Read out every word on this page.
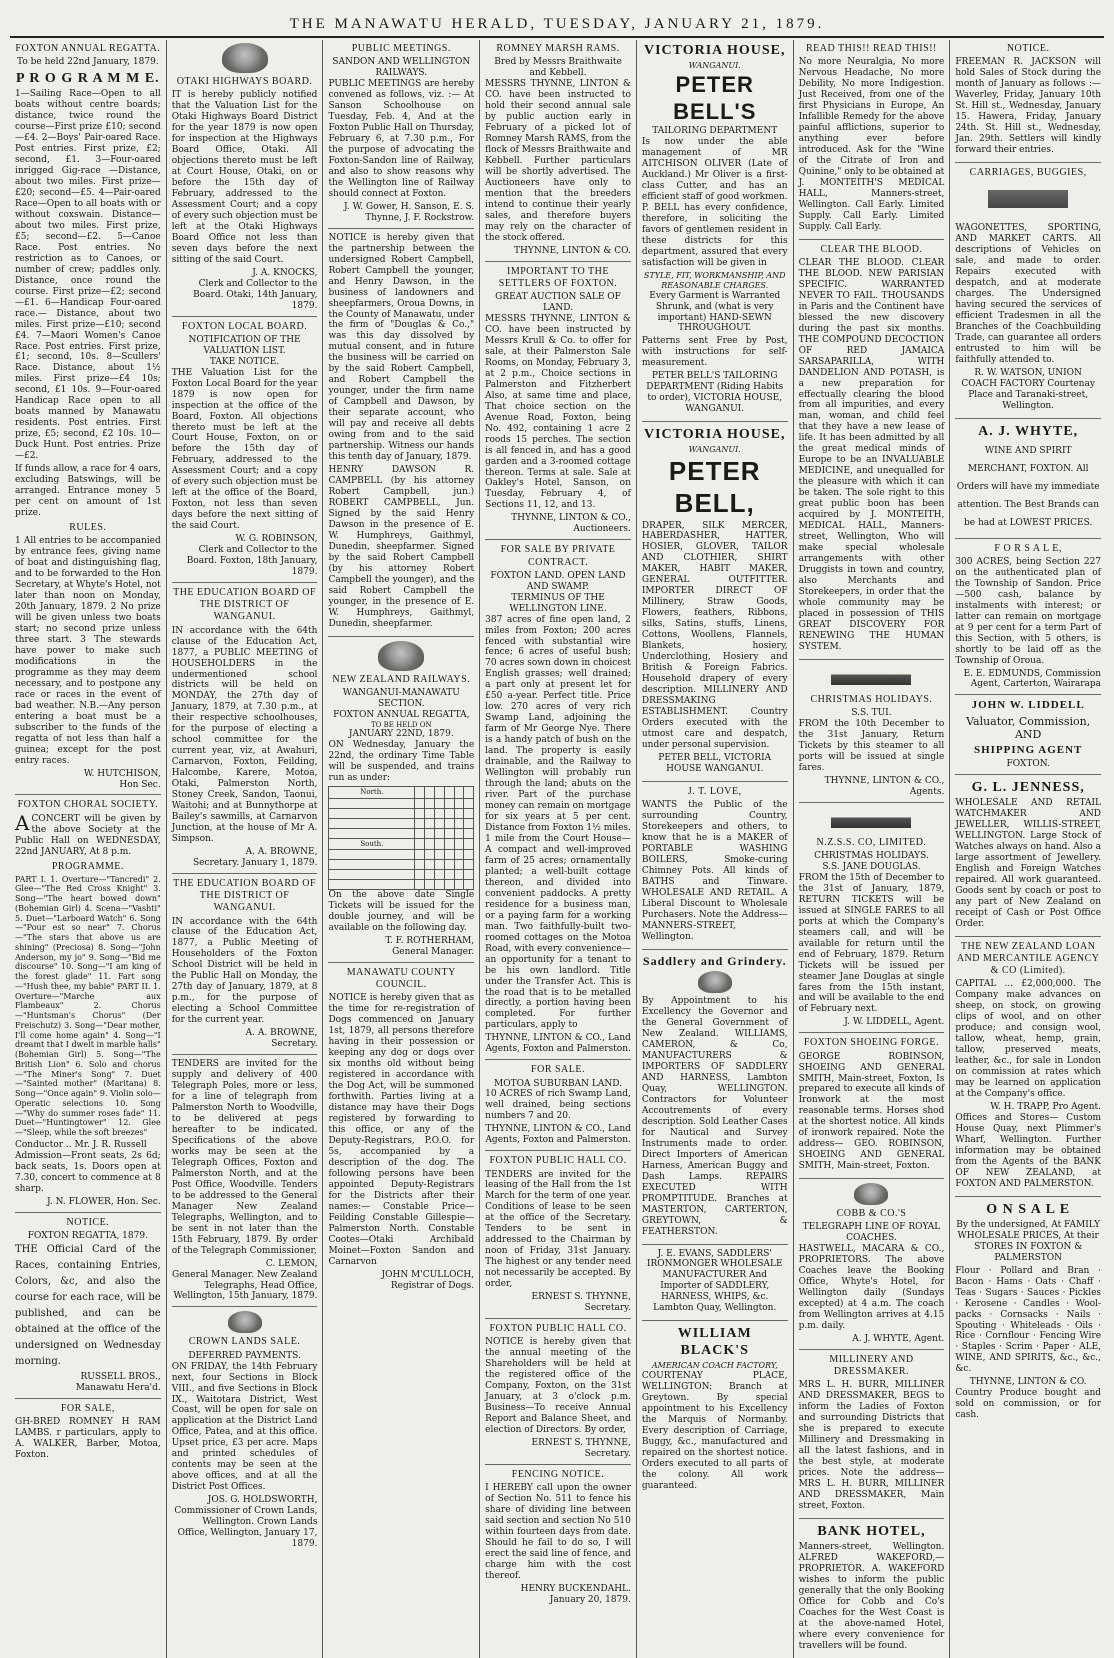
THE MANAWATU HERALD, TUESDAY, JANUARY 21, 1879.
FOXTON ANNUAL REGATTA.
To be held 22nd January, 1879.
P R O G R A M M E.

1—Sailing Race—Open to all boats without centre boards; distance, twice round the course—First prize £10; second—£4. 2—Boys' Pair-oared Race. Post entries. First prize, £2; second, £1. 3—Four-oared inrigged Gig-race —Distance, about two miles. First prize—£20; second—£5. 4—Pair-oared Race—Open to all boats with or without coxswain. Distance—about two miles. First prize, £5; second—£2. 5—Canoe Race. Post entries. No restriction as to Canoes, or number of crew; paddles only. Distance, once round the course. First prize—£2; second—£1. 6—Handicap Four-oared race.— Distance, about two miles. First prize—£10; second £4. 7—Maori Women's Canoe Race. Post entries. First prize, £1; second, 10s. 8—Scullers' Race. Distance, about 1½ miles. First prize—£4 10s; second, £1 10s. 9—Four-oared Handicap Race open to all boats manned by Manawatu residents. Post entries. First prize, £5; second, £2 10s. 10—Duck Hunt. Post entries. Prize—£2.

If funds allow, a race for 4 oars, excluding Batswings, will be arranged. Entrance money 5 per cent on amount of 1st prize.

RULES.

1 All entries to be accompanied by entrance fees, giving name of boat and distinguishing flag, and to be forwarded to the Hon Secretary, at Whyte's Hotel, not later than noon on Monday, 20th January, 1879. 2 No prize will be given unless two boats start; no second prize unless three start. 3 The stewards have power to make such modifications in the programme as they may deem necessary, and to postpone any race or races in the event of bad weather. N.B.—Any person entering a boat must be a subscriber to the funds of the regatta of not less than half a guinea; except for the post entry races.

W. HUTCHISON,
Hon Sec.
FOXTON CHORAL SOCIETY.

ACONCERT will be given by the above Society at the Public Hall on WEDNESDAY, 22nd JANUARY, At 8 p.m.

PROGRAMME.

PART I. 1. Overture—"Tancredi" 2. Glee—"The Red Cross Knight" 3. Song—"The heart bowed down" (Bohemian Girl) 4. Scena—"Vashti" 5. Duet—"Larboard Watch" 6. Song—"Pour est so near" 7. Chorus—"The stars that above us are shining" (Preciosa) 8. Song—"John Anderson, my jo" 9. Song—"Bid me discourse" 10. Song—"I am king of the forest glade" 11. Fart song—"Hush thee, my babie" PART II. 1. Overture—"Marche aux Flambeaux" 2. Chorus—"Huntsman's Chorus" (Der Freischutz) 3. Song—"Dear mother, I'll come home again" 4. Song—"I dreamt that I dwelt in marble halls" (Bohemian Girl) 5. Song—"The British Lion" 6. Solo and chorus—"The Miner's Song" 7. Duet—"Sainted mother" (Maritana) 8. Song—"Once again" 9. Violin solo—Operatic selections 10. Song—"Why do summer roses fade" 11. Duet—"Huntingtower" 12. Glee—"Sleep, while the soft breezes"

Conductor .. Mr. J. R. Russell

Admission—Front seats, 2s 6d; back seats, 1s. Doors open at 7.30, concert to commence at 8 sharp.

J. N. FLOWER, Hon. Sec.
NOTICE.
FOXTON REGATTA, 1879.

THE Official Card of the Races, containing Entries, Colors, &c, and also the course for each race, will be published, and can be obtained at the office of the undersigned on Wednesday morning.

RUSSELL BROS.,
Manawatu Hera'd.
FOR SALE,

GH-BRED ROMNEY H RAM LAMBS. r particulars, apply to A. WALKER, Barber, Motoa, Foxton.

OTAKI HIGHWAYS BOARD.

IT is hereby publicly notified that the Valuation List for the Otaki Highways Board District for the year 1879 is now open for inspection at the Highways Board Office, Otaki. All objections thereto must be left at Court House, Otaki, on or before the 15th day of February, addressed to the Assessment Court; and a copy of every such objection must be left at the Otaki Highways Board Office not less than seven days before the next sitting of the said Court.

J. A. KNOCKS,
Clerk and Collector to the Board. Otaki, 14th January, 1879.
FOXTON LOCAL BOARD.
NOTIFICATION OF THE VALUATION LIST.
TAKE NOTICE.

THE Valuation List for the Foxton Local Board for the year 1879 is now open for inspection at the office of the Board, Foxton. All objections thereto must be left at the Court House, Foxton, on or before the 15th day of February, addressed to the Assessment Court; and a copy of every such objection must be left at the office of the Board, Foxton, not less than seven days before the next sitting of the said Court.

W. G. ROBINSON,
Clerk and Collector to the Board. Foxton, 18th January, 1879.
THE EDUCATION BOARD OF THE DISTRICT OF WANGANUI.

IN accordance with the 64th clause of the Education Act, 1877, a PUBLIC MEETING of HOUSEHOLDERS in the undermentioned school districts will be held on MONDAY, the 27th day of January, 1879, at 7.30 p.m., at their respective schoolhouses, for the purpose of electing a school committee for the current year, viz, at Awahuri, Carnarvon, Foxton, Feilding, Halcombe, Karere, Motoa, Otaki, Palmerston North, Stoney Creek, Sandon, Taonui, Waitohi; and at Bunnythorpe at Bailey's sawmills, at Carnarvon Junction, at the house of Mr A. Simpson.

A. A. BROWNE,
Secretary. January 1, 1879.
THE EDUCATION BOARD OF THE DISTRICT OF WANGANUI.

IN accordance with the 64th clause of the Education Act, 1877, a Public Meeting of Householders of the Foxton School District will be held in the Public Hall on Monday, the 27th day of January, 1879, at 8 p.m., for the purpose of electing a School Committee for the current year.

A. A. BROWNE,
Secretary.

TENDERS are invited for the supply and delivery of 400 Telegraph Poles, more or less, for a line of telegraph from Palmerston North to Woodville, to be delivered at pegs hereafter to be indicated. Specifications of the above works may be seen at the Telegraph Offices, Foxton and Palmerston North, and at the Post Office, Woodville. Tenders to be addressed to the General Manager New Zealand Telegraphs, Wellington, and to be sent in not later than the 15th February, 1879. By order of the Telegraph Commissioner,

C. LEMON,
General Manager. New Zealand Telegraphs, Head Office, Wellington, 15th January, 1879.
CROWN LANDS SALE.
DEFERRED PAYMENTS.

ON FRIDAY, the 14th February next, four Sections in Block VIII., and five Sections in Block IX., Waitotara District, West Coast, will be open for sale on application at the District Land Office, Patea, and at this office. Upset price, £3 per acre. Maps and printed schedules of contents may be seen at the above offices, and at all the District Post Offices.

JOS. G. HOLDSWORTH,
Commissioner of Crown Lands, Wellington. Crown Lands Office, Wellington, January 17, 1879.
PUBLIC MEETINGS.
SANDON AND WELLINGTON RAILWAYS.

PUBLIC MEETINGS are hereby convened as follows, viz. :— At Sanson Schoolhouse on Tuesday, Feb. 4, And at the Foxton Public Hall on Thursday, February 6, at 7.30 p.m., For the purpose of advocating the Foxton-Sandon line of Railway, and also to show reasons why the Wellington line of Railway should connect at Foxton.

J. W. Gower, H. Sanson, E. S. Thynne, J. F. Rockstrow.

NOTICE is hereby given that the partnership between the undersigned Robert Campbell, Robert Campbell the younger, and Henry Dawson, in the business of landowners and sheepfarmers, Oroua Downs, in the County of Manawatu, under the firm of "Douglas & Co.," was this day dissolved by mutual consent, and in future the business will be carried on by the said Robert Campbell, and Robert Campbell the younger, under the firm name of Campbell and Dawson, by their separate account, who will pay and receive all debts owing from and to the said partnership. Witness our hands this tenth day of January, 1879.

HENRY DAWSON R. CAMPBELL (by his attorney Robert Campbell, jun.) ROBERT CAMPBELL, Jun. Signed by the said Henry Dawson in the presence of E. W. Humphreys, Gaithmyl, Dunedin, sheepfarmer. Signed by the said Robert Campbell (by his attorney Robert Campbell the younger), and the said Robert Campbell the younger, in the presence of E. W. Humphreys, Gaithmyl, Dunedin, sheepfarmer.

NEW ZEALAND RAILWAYS.
WANGANUI-MANAWATU SECTION.
FOXTON ANNUAL REGATTA,
TO BE HELD ON
JANUARY 22ND, 1879.

ON Wednesday, January the 22nd, the ordinary Time Table will be suspended, and trains run as under:

North.						

South.						

On the above date Single Tickets will be issued for the double journey, and will be available on the following day.

T. F. ROTHERHAM,
General Manager.
MANAWATU COUNTY COUNCIL.

NOTICE is hereby given that as the time for re-registration of Dogs commenced on January 1st, 1879, all persons therefore having in their possession or keeping any dog or dogs over six months old without being registered in accordance with the Dog Act, will be summoned forthwith. Parties living at a distance may have their Dogs registered by forwarding to this office, or any of the Deputy-Registrars, P.O.O. for 5s, accompanied by a description of the dog. The following persons have been appointed Deputy-Registrars for the Districts after their names:— Constable Price—Feilding Constable Gillespie—Palmerston North. Constable Cootes—Otaki Archibald Moinet—Foxton Sandon and Carnarvon

JOHN M'CULLOCH,
Registrar of Dogs.
ROMNEY MARSH RAMS.
Bred by Messrs Braithwaite and Kebbell.

MESSRS THYNNE, LINTON & CO. have been instructed to hold their second annual sale by public auction early in February of a picked lot of Romney Marsh RAMS, from the flock of Messrs Braithwaite and Kebbell. Further particulars will be shortly advertised. The Auctioneers have only to mention that the breeders intend to continue their yearly sales, and therefore buyers may rely on the character of the stock offered.

THYNNE, LINTON & CO.
IMPORTANT TO THE SETTLERS OF FOXTON.
GREAT AUCTION SALE OF LAND.

MESSRS THYNNE, LINTON & CO. have been instructed by Messrs Krull & Co. to offer for sale, at their Palmerston Sale Rooms, on Monday, February 3, at 2 p.m., Choice sections in Palmerston and Fitzherbert Also, at same time and place, That choice section on the Avenue Road, Foxton, being No. 492, containing 1 acre 2 roods 15 perches. The section is all fenced in, and has a good garden and a 3-roomed cottage thereon. Terms at sale. Sale at Oakley's Hotel, Sanson, on Tuesday, February 4, of Sections 11, 12, and 13.

THYNNE, LINTON & CO., Auctioneers.
FOR SALE BY PRIVATE CONTRACT.
FOXTON LAND. OPEN LAND AND SWAMP.
TERMINUS OF THE WELLINGTON LINE.

387 acres of fine open land, 2 miles from Foxton; 200 acres fenced with substantial wire fence; 6 acres of useful bush; 70 acres sown down in choicest English grasses; well drained; a part only at present let for £50 a-year. Perfect title. Price low. 270 acres of very rich Swamp Land, adjoining the farm of Mr George Nye. There is a handy patch of bush on the land. The property is easily drainable, and the Railway to Wellington will probably run through the land; abuts on the river. Part of the purchase money can remain on mortgage for six years at 5 per cent. Distance from Foxton 1½ miles. 1 mile from the Court House—A compact and well-improved farm of 25 acres; ornamentally planted; a well-built cottage thereon, and divided into convenient paddocks. A pretty residence for a business man, or a paying farm for a working man. Two faithfully-built two-roomed cottages on the Motoa Road, with every convenience—an opportunity for a tenant to be his own landlord. Title under the Transfer Act. This is the road that is to be metalled directly, a portion having been completed. For further particulars, apply to

THYNNE, LINTON & CO., Land Agents, Foxton and Palmerston.
FOR SALE.
MOTOA SUBURBAN LAND.

10 ACRES of rich Swamp Land, well drained, being sections numbers 7 and 20.

THYNNE, LINTON & CO., Land Agents, Foxton and Palmerston.
FOXTON PUBLIC HALL CO.

TENDERS are invited for the leasing of the Hall from the 1st March for the term of one year. Conditions of lease to be seen at the office of the Secretary. Tenders to be sent in addressed to the Chairman by noon of Friday, 31st January. The highest or any tender need not necessarily be accepted. By order,

ERNEST S. THYNNE, Secretary.
FOXTON PUBLIC HALL CO.

NOTICE is hereby given that the annual meeting of the Shareholders will be held at the registered office of the Company, Foxton, on the 31st January, at 3 o'clock p.m. Business—To receive Annual Report and Balance Sheet, and election of Directors. By order,

ERNEST S. THYNNE, Secretary.
FENCING NOTICE.

I HEREBY call upon the owner of Section No. 511 to fence his share of dividing line between said section and section No 510 within fourteen days from date. Should he fail to do so, I will erect the said line of fence, and charge him with the cost thereof.

HENRY BUCKENDAHL. January 20, 1879.
VICTORIA HOUSE,
WANGANUI.
PETER BELL'S
TAILORING DEPARTMENT

Is now under the able management of MR AITCHISON OLIVER (Late of Auckland.) Mr Oliver is a first-class Cutter, and has an efficient staff of good workmen. P. BELL has every confidence, therefore, in soliciting the favors of gentlemen resident in these districts for this department, assured that every satisfaction will be given in

STYLE, FIT, WORKMANSHIP, AND REASONABLE CHARGES.

Every Garment is Warranted Shrunk, and (what is very important) HAND-SEWN THROUGHOUT.

Patterns sent Free by Post, with instructions for self-measurement.

PETER BELL'S TAILORING DEPARTMENT (Riding Habits to order), VICTORIA HOUSE, WANGANUI.

VICTORIA HOUSE,
WANGANUI.
PETER BELL,

DRAPER, SILK MERCER, HABERDASHER, HATTER, HOSIER, GLOVER, TAILOR AND CLOTHIER, SHIRT MAKER, HABIT MAKER, GENERAL OUTFITTER. IMPORTER DIRECT OF Millinery, Straw Goods, Flowers, feathers, Ribbons, silks, Satins, stuffs, Linens, Cottons, Woollens, Flannels, Blankets, hosiery, Underclothing, Hosiery and British & Foreign Fabrics. Household drapery of every description. MILLINERY AND DRESSMAKING ESTABLISHMENT. Country Orders executed with the utmost care and despatch, under personal supervision.

PETER BELL, VICTORIA HOUSE WANGANUI.

J. T. LOVE,

WANTS the Public of the surrounding Country, Storekeepers and others, to know that he is a MAKER of PORTABLE WASHING BOILERS, Smoke-curing Chimney Pots. All kinds of BATHS and Tinware. WHOLESALE AND RETAIL. A Liberal Discount to Wholesale Purchasers. Note the Address— MANNERS-STREET, Wellington.

Saddlery and Grindery.

By Appointment to his Excellency the Governor and the General Government of New Zealand. WILLIAMS, CAMERON, & Co, MANUFACTURERS & IMPORTERS OF SADDLERY AND HARNESS, Lambton Quay, WELLINGTON. Contractors for Volunteer Accoutrements of every description. Sold Leather Cases for Nautical and Survey Instruments made to order. Direct Importers of American Harness, American Buggy and Dash Lamps. REPAIRS EXECUTED WITH PROMPTITUDE. Branches at MASTERTON, CARTERTON, GREYTOWN, & FEATHERSTON.

J. E. EVANS, SADDLERS' IRONMONGER WHOLESALE MANUFACTURER And Importer of SADDLERY, HARNESS, WHIPS, &c. Lambton Quay, Wellington.

WILLIAM BLACK'S
AMERICAN COACH FACTORY,

COURTENAY PLACE, WELLINGTON; Branch at Greytown. By special appointment to his Excellency the Marquis of Normanby. Every description of Carriage, Buggy, &c., manufactured and repaired on the shortest notice. Orders executed to all parts of the colony. All work guaranteed.

READ THIS!! READ THIS!!

No more Neuralgia, No more Nervous Headache, No more Debility, No more Indigestion. Just Received, from one of the first Physicians in Europe, An Infallible Remedy for the above painful afflictions, superior to anything ever before introduced. Ask for the "Wine of the Citrate of Iron and Quinine," only to be obtained at J. MONTEITH'S MEDICAL HALL, Manners-street, Wellington. Call Early. Limited Supply. Call Early. Limited Supply. Call Early.

CLEAR THE BLOOD.

CLEAR THE BLOOD. CLEAR THE BLOOD. NEW PARISIAN SPECIFIC. WARRANTED NEVER TO FAIL. THOUSANDS in Paris and the Continent have blessed the new discovery during the past six months. THE COMPOUND DECOCTION OF RED JAMAICA SARSAPARILLA, WITH DANDELION AND POTASH, is a new preparation for effectually clearing the blood from all impurities, and every man, woman, and child feel that they have a new lease of life. It has been admitted by all the great medical minds of Europe to be an INVALUABLE MEDICINE, and unequalled for the pleasure with which it can be taken. The sole right to this great public boon has been acquired by J. MONTEITH, MEDICAL HALL, Manners-street, Wellington, Who will make special wholesale arrangements with other Druggists in town and country, also Merchants and Storekeepers, in order that the whole community may be placed in possession of THIS GREAT DISCOVERY FOR RENEWING THE HUMAN SYSTEM.

CHRISTMAS HOLIDAYS.
S.S. TUI.

FROM the 10th December to the 31st January, Return Tickets by this steamer to all ports will be issued at single fares.

THYNNE, LINTON & CO., Agents.
N.Z.S.S. CO, LIMITED.
CHRISTMAS HOLIDAYS.
S.S. JANE DOUGLAS.

FROM the 15th of December to the 31st of January, 1879, RETURN TICKETS will be issued at SINGLE FARES to all ports at which the Company's steamers call, and will be available for return until the end of February, 1879. Return Tickets will be issued per steamer Jane Douglas at single fares from the 15th instant, and will be available to the end of February next.

J. W. LIDDELL, Agent.
FOXTON SHOEING FORGE.

GEORGE ROBINSON, SHOEING AND GENERAL SMITH, Main-street, Foxton, Is prepared to execute all kinds of Ironwork at the most reasonable terms. Horses shod at the shortest notice. All kinds of ironwork repaired. Note the address— GEO. ROBINSON, SHOEING AND GENERAL SMITH, Main-street, Foxton.

COBB & CO.'S
TELEGRAPH LINE OF ROYAL COACHES.

HASTWELL, MACARA & CO., PROPRIETORS. The above Coaches leave the Booking Office, Whyte's Hotel, for Wellington daily (Sundays excepted) at 4 a.m. The coach from Wellington arrives at 4.15 p.m. daily.

A. J. WHYTE, Agent.
MILLINERY AND DRESSMAKER.

MRS L. H. BURR, MILLINER AND DRESSMAKER, BEGS to inform the Ladies of Foxton and surrounding Districts that she is prepared to execute Millinery and Dressmaking in all the latest fashions, and in the best style, at moderate prices. Note the address— MRS L. H. BURR, MILLINER AND DRESSMAKER, Main street, Foxton.

BANK HOTEL,

Manners-street, Wellington. ALFRED WAKEFORD,—PROPRIETOR. A. WAKEFORD wishes to inform the public generally that the only Booking Office for Cobb and Co's Coaches for the West Coast is at the above-named Hotel, where every convenience for travellers will be found.

NOTICE.

FREEMAN R. JACKSON will hold Sales of Stock during the month of January as follows :— Waverley, Friday, January 10th St. Hill st., Wednesday, January 15. Hawera, Friday, January 24th. St. Hill st., Wednesday, Jan. 29th. Settlers will kindly forward their entries.

CARRIAGES, BUGGIES,

WAGONETTES, SPORTING, AND MARKET CARTS. All descriptions of Vehicles on sale, and made to order. Repairs executed with despatch, and at moderate charges. The Undersigned having secured the services of efficient Tradesmen in all the Branches of the Coachbuilding Trade, can guarantee all orders entrusted to him will be faithfully attended to.

R. W. WATSON, UNION COACH FACTORY Courtenay Place and Taranaki-street, Wellington.

A. J. WHYTE,

WINE AND SPIRIT MERCHANT, FOXTON. All Orders will have my immediate attention. The Best Brands can be had at LOWEST PRICES.

F O R S A L E,

300 ACRES, being Section 227 on the authenticated plan of the Township of Sandon. Price —500 cash, balance by instalments with interest; or latter can remain on mortgage at 9 per cent for a term Part of this Section, with 5 others, is shortly to be laid off as the Township of Oroua.

E. E. EDMUNDS, Commission Agent, Carterton, Wairarapa
JOHN W. LIDDELL
Valuator, Commission, AND
SHIPPING AGENT
FOXTON.
G. L. JENNESS,

WHOLESALE AND RETAIL WATCHMAKER AND JEWELLER, WILLIS-STREET, WELLINGTON. Large Stock of Watches always on hand. Also a large assortment of Jewellery. English and Foreign Watches repaired. All work guaranteed. Goods sent by coach or post to any part of New Zealand on receipt of Cash or Post Office Order.

THE NEW ZEALAND LOAN AND MERCANTILE AGENCY & CO (Limited).

CAPITAL ... £2,000,000. The Company make advances on sheep, on stock, on growing clips of wool, and on other produce; and consign wool, tallow, wheat, hemp, grain, tallow, preserved meats, leather, &c., for sale in London on commission at rates which may be learned on application at the Company's office.

W. H. TRAPP, Pro Agent.

Offices and Stores— Custom House Quay, next Plimmer's Wharf, Wellington. Further information may be obtained from the Agents of the BANK OF NEW ZEALAND, at FOXTON AND PALMERSTON.

O N S A L E

By the undersigned, At FAMILY WHOLESALE PRICES, At their STORES IN FOXTON & PALMERSTON

Flour · Pollard and Bran · Bacon · Hams · Oats · Chaff · Teas · Sugars · Sauces · Pickles · Kerosene · Candles · Wool-packs · Cornsacks · Nails · Spouting · Whiteleads · Oils · Rice · Cornflour · Fencing Wire · Staples · Scrim · Paper · ALE, WINE, AND SPIRITS, &c., &c., &c.

THYNNE, LINTON & CO.

Country Produce bought and sold on commission, or for cash.
